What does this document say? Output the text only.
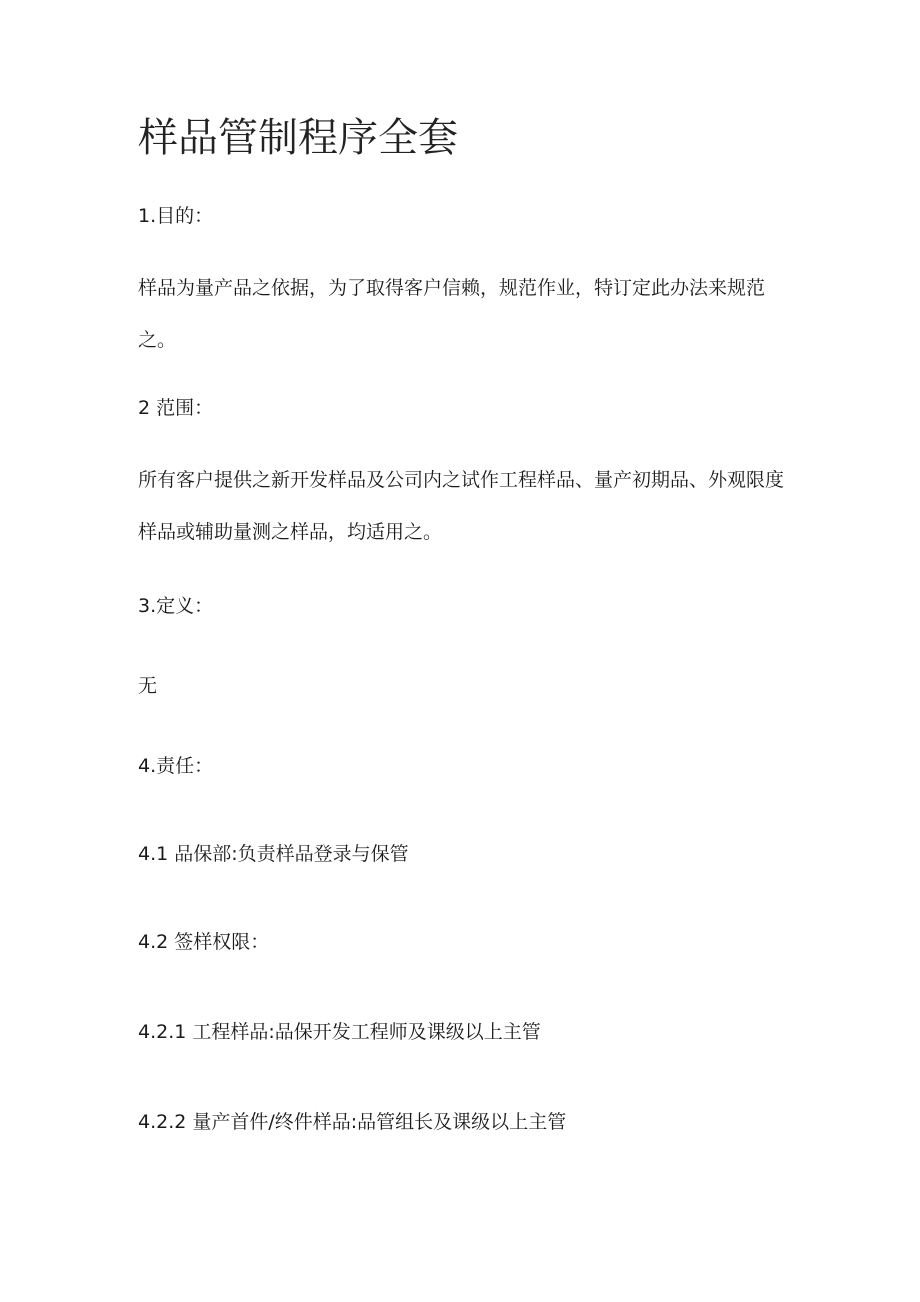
样品管制程序全套

1.目的：

样品为量产品之依据，为了取得客户信赖，规范作业，特订定此办法来规范之。

2 范围：

所有客户提供之新开发样品及公司内之试作工程样品、量产初期品、外观限度样品或辅助量测之样品，均适用之。

3.定义：

无

4.责任：

4.1 品保部:负责样品登录与保管

4.2 签样权限：

4.2.1 工程样品:品保开发工程师及课级以上主管

4.2.2 量产首件/终件样品:品管组长及课级以上主管
